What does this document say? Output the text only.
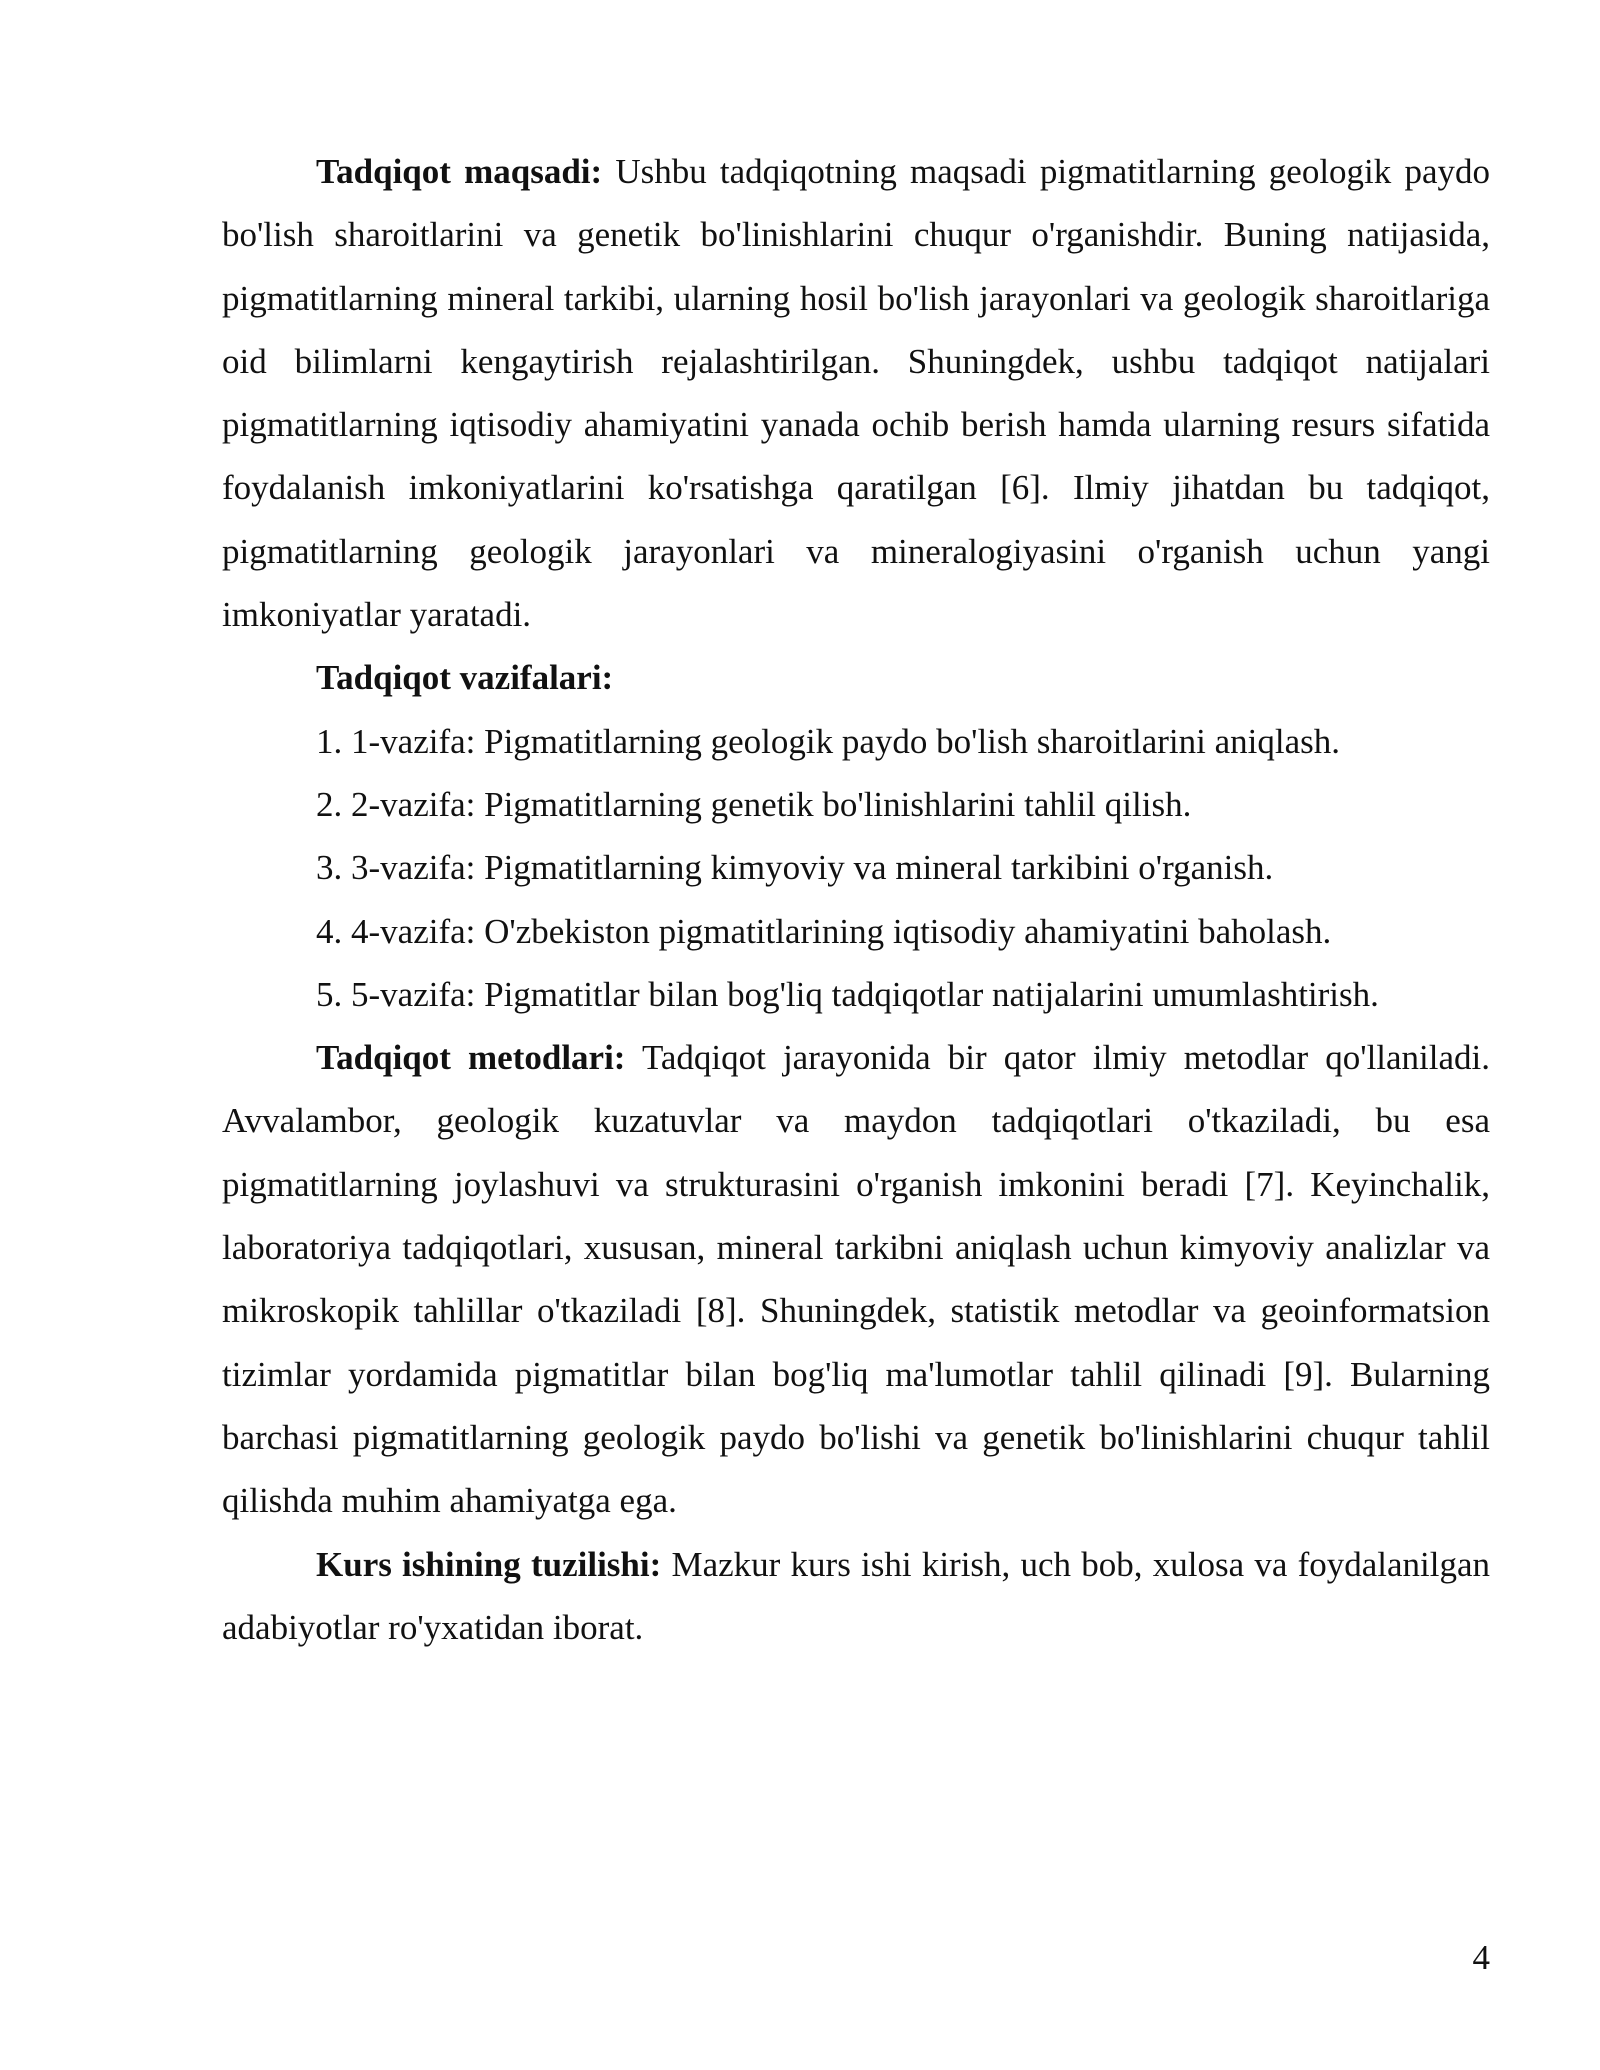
Tadqiqot maqsadi: Ushbu tadqiqotning maqsadi pigmatitlarning geologik paydo bo'lish sharoitlarini va genetik bo'linishlarini chuqur o'rganishdir. Buning natijasida, pigmatitlarning mineral tarkibi, ularning hosil bo'lish jarayonlari va geologik sharoitlariga oid bilimlarni kengaytirish rejalashtirilgan. Shuningdek, ushbu tadqiqot natijalari pigmatitlarning iqtisodiy ahamiyatini yanada ochib berish hamda ularning resurs sifatida foydalanish imkoniyatlarini ko'rsatishga qaratilgan [6]. Ilmiy jihatdan bu tadqiqot, pigmatitlarning geologik jarayonlari va mineralogiyasini o'rganish uchun yangi imkoniyatlar yaratadi.

Tadqiqot vazifalari:

1. 1-vazifa: Pigmatitlarning geologik paydo bo'lish sharoitlarini aniqlash.
2. 2-vazifa: Pigmatitlarning genetik bo'linishlarini tahlil qilish.
3. 3-vazifa: Pigmatitlarning kimyoviy va mineral tarkibini o'rganish.
4. 4-vazifa: O'zbekiston pigmatitlarining iqtisodiy ahamiyatini baholash.
5. 5-vazifa: Pigmatitlar bilan bog'liq tadqiqotlar natijalarini umumlashtirish.

Tadqiqot metodlari: Tadqiqot jarayonida bir qator ilmiy metodlar qo'llaniladi. Avvalambor, geologik kuzatuvlar va maydon tadqiqotlari o'tkaziladi, bu esa pigmatitlarning joylashuvi va strukturasini o'rganish imkonini beradi [7]. Keyinchalik, laboratoriya tadqiqotlari, xususan, mineral tarkibni aniqlash uchun kimyoviy analizlar va mikroskopik tahlillar o'tkaziladi [8]. Shuningdek, statistik metodlar va geoinformatsion tizimlar yordamida pigmatitlar bilan bog'liq ma'lumotlar tahlil qilinadi [9]. Bularning barchasi pigmatitlarning geologik paydo bo'lishi va genetik bo'linishlarini chuqur tahlil qilishda muhim ahamiyatga ega.

Kurs ishining tuzilishi: Mazkur kurs ishi kirish, uch bob, xulosa va foydalanilgan adabiyotlar ro'yxatidan iborat.

4
